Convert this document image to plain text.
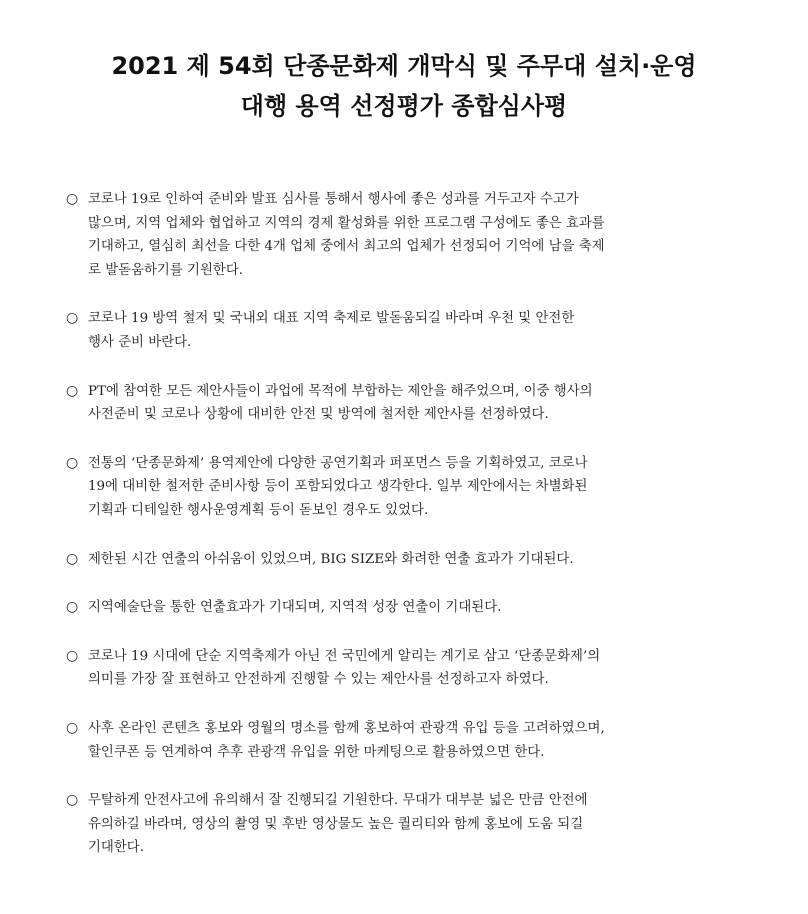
2021 제 54회 단종문화제 개막식 및 주무대 설치·운영
대행 용역 선정평가 종합심사평
○ 코로나 19로 인하여 준비와 발표 심사를 통해서 행사에 좋은 성과를 거두고자 수고가
많으며, 지역 업체와 협업하고 지역의 경제 활성화를 위한 프로그램 구성에도 좋은 효과를
기대하고, 열심히 최선을 다한 4개 업체 중에서 최고의 업체가 선정되어 기억에 남을 축제
로 발돋움하기를 기원한다.
○ 코로나 19 방역 철저 및 국내외 대표 지역 축제로 발돋움되길 바라며 우천 및 안전한
행사 준비 바란다.
○ PT에 참여한 모든 제안사들이 과업에 목적에 부합하는 제안을 해주었으며, 이중 행사의
사전준비 및 코로나 상황에 대비한 안전 및 방역에 철저한 제안사를 선정하였다.
○ 전통의 ‘단종문화제’ 용역제안에 다양한 공연기획과 퍼포먼스 등을 기획하였고, 코로나
19에 대비한 철저한 준비사항 등이 포함되었다고 생각한다. 일부 제안에서는 차별화된
기획과 디테일한 행사운영계획 등이 돋보인 경우도 있었다.
○ 제한된 시간 연출의 아쉬움이 있었으며, BIG SIZE와 화려한 연출 효과가 기대된다.
○ 지역예술단을 통한 연출효과가 기대되며, 지역적 성장 연출이 기대된다.
○ 코로나 19 시대에 단순 지역축제가 아닌 전 국민에게 알리는 계기로 삼고 ‘단종문화제’의
의미를 가장 잘 표현하고 안전하게 진행할 수 있는 제안사를 선정하고자 하였다.
○ 사후 온라인 콘텐츠 홍보와 영월의 명소를 함께 홍보하여 관광객 유입 등을 고려하였으며,
할인쿠폰 등 연계하여 추후 관광객 유입을 위한 마케팅으로 활용하였으면 한다.
○ 무탈하게 안전사고에 유의해서 잘 진행되길 기원한다. 무대가 대부분 넓은 만큼 안전에
유의하길 바라며, 영상의 촬영 및 후반 영상물도 높은 퀄리티와 함께 홍보에 도움 되길
기대한다.
